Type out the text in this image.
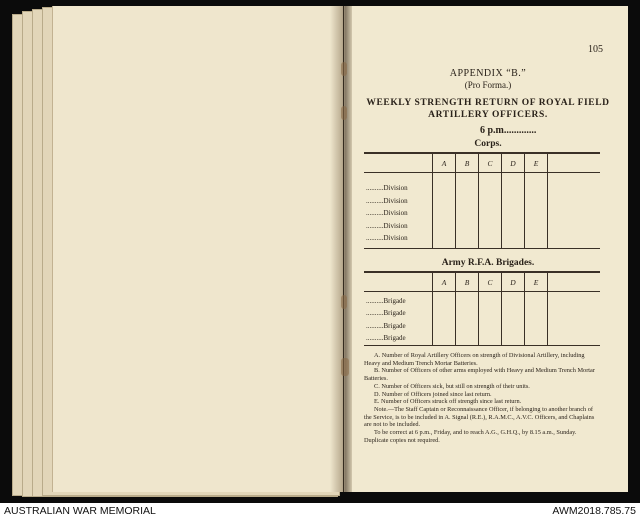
105
APPENDIX “B.”
(Pro Forma.)
WEEKLY STRENGTH RETURN OF ROYAL FIELD
ARTILLERY OFFICERS.
6 p.m.............
Corps.
A	B	C	D	E
..........Division
..........Division
..........Division
..........Division
..........Division
Army R.F.A. Brigades.
A	B	C	D	E
..........Brigade
..........Brigade
..........Brigade
..........Brigade

A. Number of Royal Artillery Officers on strength of Divisional Artillery, including Heavy and Medium Trench Mortar Batteries.

B. Number of Officers of other arms employed with Heavy and Medium Trench Mortar Batteries.

C. Number of Officers sick, but still on strength of their units.

D. Number of Officers joined since last return.

E. Number of Officers struck off strength since last return.

Note.—The Staff Captain or Reconnaissance Officer, if belonging to another branch of the Service, is to be included in A. Signal (R.E.), R.A.M.C., A.V.C. Officers, and Chaplains are not to be included.

To be correct at 6 p.m., Friday, and to reach A.G., G.H.Q., by 8.15 a.m., Sunday. Duplicate copies not required.

AUSTRALIAN WAR MEMORIAL	AWM2018.785.75
